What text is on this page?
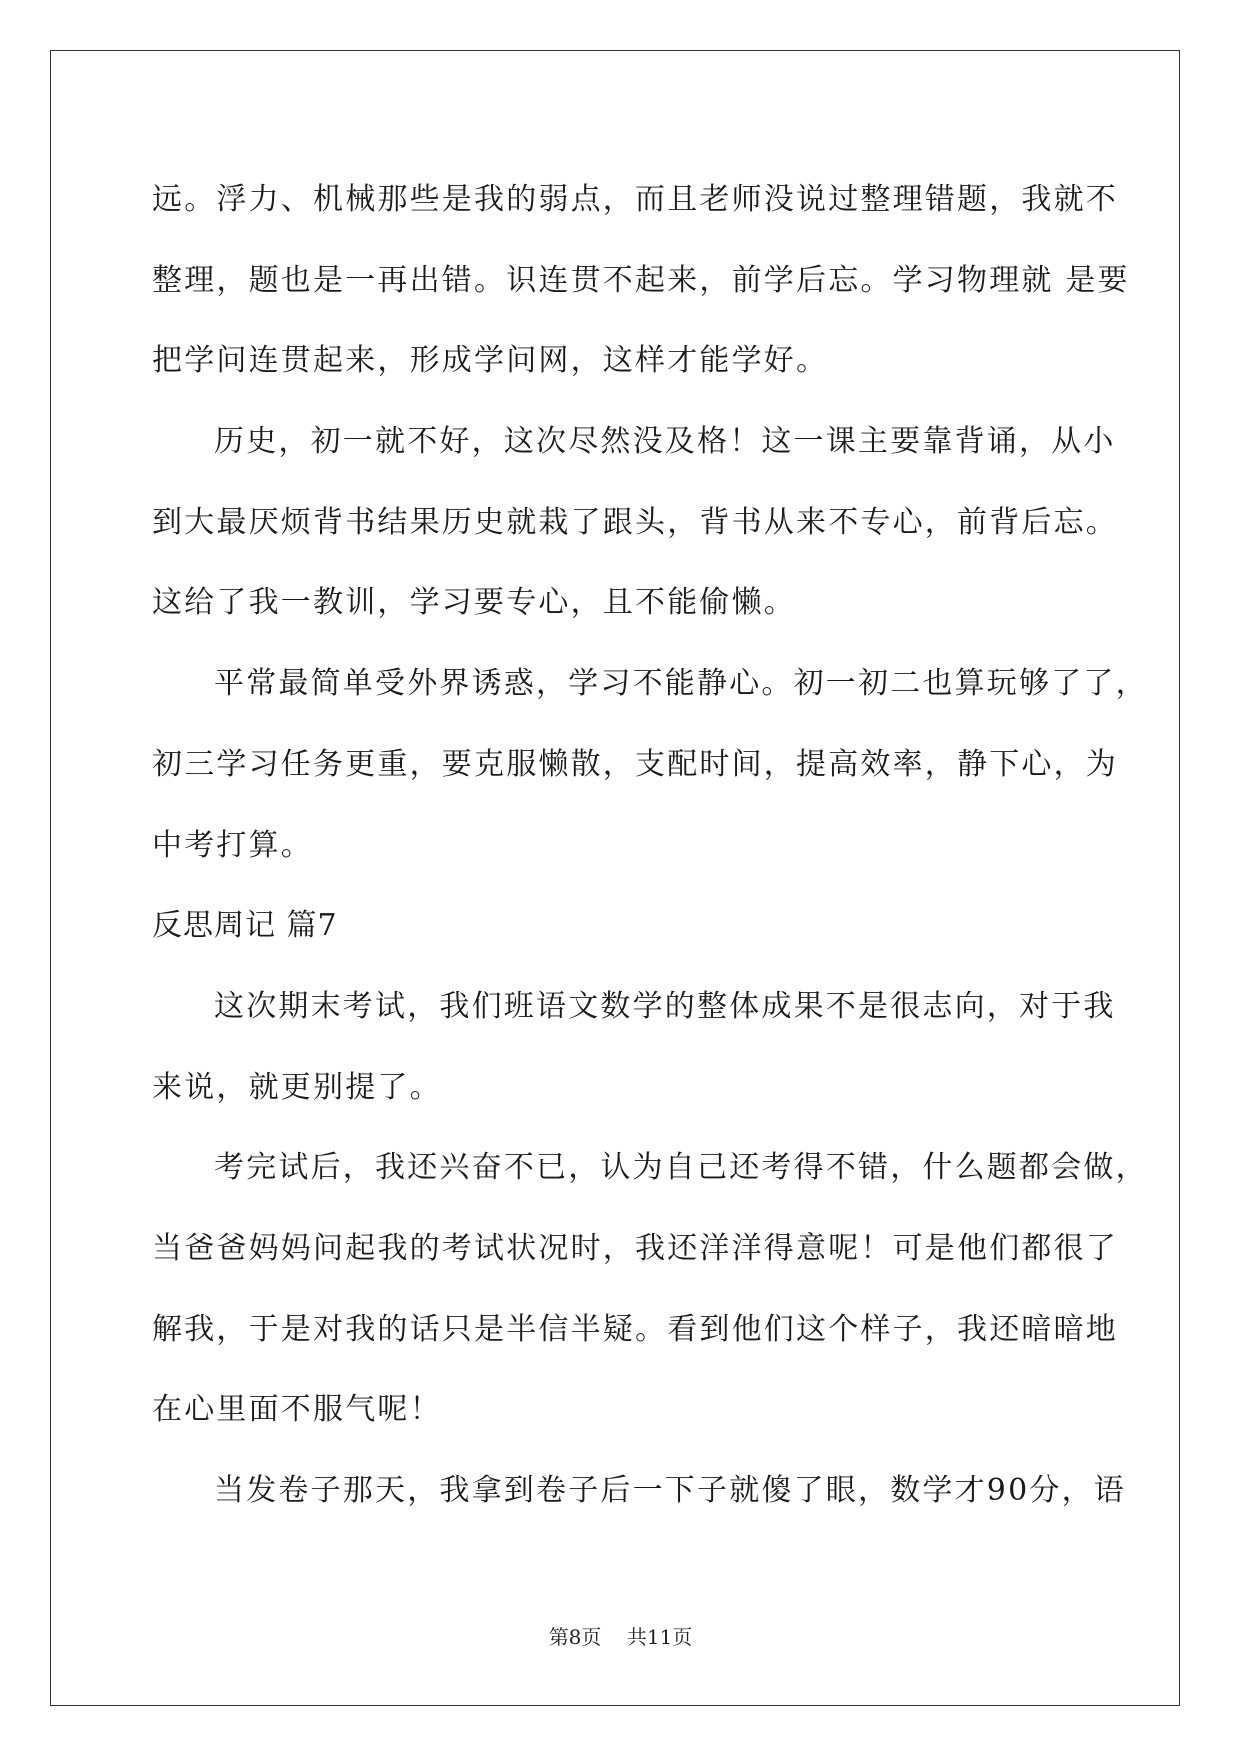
远。浮力、机械那些是我的弱点，而且老师没说过整理错题，我就不
整理，题也是一再出错。识连贯不起来，前学后忘。学习物理就 是要
把学问连贯起来，形成学问网，这样才能学好。
历史，初一就不好，这次尽然没及格！这一课主要靠背诵，从小
到大最厌烦背书结果历史就栽了跟头，背书从来不专心，前背后忘。
这给了我一教训，学习要专心，且不能偷懒。
平常最简单受外界诱惑，学习不能静心。初一初二也算玩够了了，
初三学习任务更重，要克服懒散，支配时间，提高效率，静下心，为
中考打算。
反思周记 篇7
这次期末考试，我们班语文数学的整体成果不是很志向，对于我
来说，就更别提了。
考完试后，我还兴奋不已，认为自己还考得不错，什么题都会做，
当爸爸妈妈问起我的考试状况时，我还洋洋得意呢！可是他们都很了
解我，于是对我的话只是半信半疑。看到他们这个样子，我还暗暗地
在心里面不服气呢！
当发卷子那天，我拿到卷子后一下子就傻了眼，数学才90分，语
第8页    共11页
